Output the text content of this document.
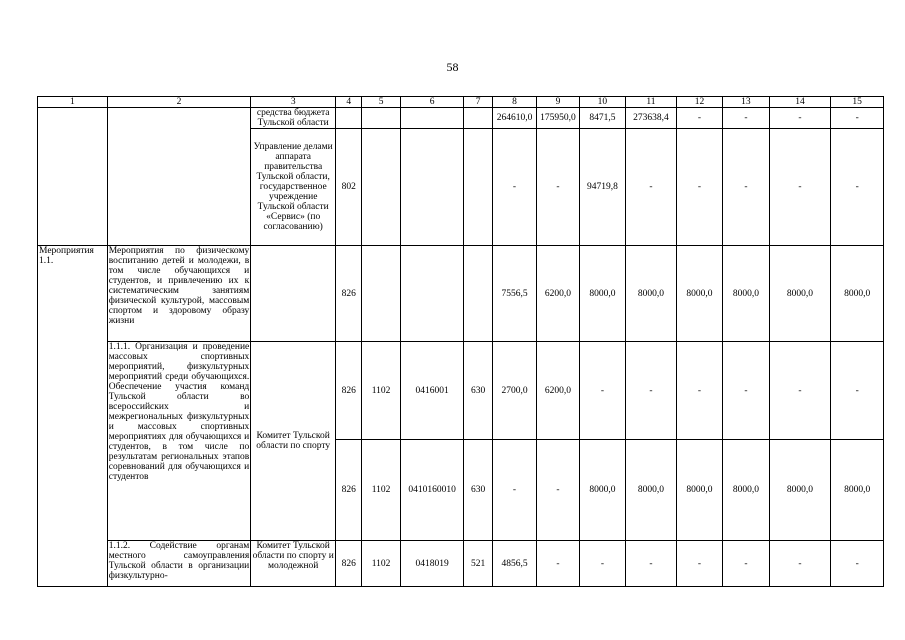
58
1	2	3	4	5	6	7	8	9	10	11	12	13	14	15
		средства бюджета Тульской области					264610,0	175950,0	8471,5	273638,4	-	-	-	-
		Управление делами аппарата правительства Тульской области, государственное учреждение Тульской области «Сервис» (по согласованию)	802				-	-	94719,8	-	-	-	-	-
Мероприятия 1.1.	Мероприятия по физическому воспитанию детей и молодежи, в том числе обучающихся и студентов, и привлечению их к систематическим занятиям физической культурой, массовым спортом и здоровому образу жизни		826				7556,5	6200,0	8000,0	8000,0	8000,0	8000,0	8000,0	8000,0
	1.1.1. Организация и проведение массовых спортивных мероприятий, физкультурных мероприятий среди обучающихся. Обеспечение участия команд Тульской области во всероссийских и межрегиональных физкультурных и массовых спортивных мероприятиях для обучающихся и студентов, в том числе по результатам региональных этапов соревнований для обучающихся и студентов	Комитет Тульской области по спорту	826	1102	0416001	630	2700,0	6200,0	-	-	-	-	-	-
			826	1102	0410160010	630	-	-	8000,0	8000,0	8000,0	8000,0	8000,0	8000,0
	1.1.2. Содействие органам местного самоуправления Тульской области в организации физкультурно-	Комитет Тульской области по спорту и молодежной	826	1102	0418019	521	4856,5	-	-	-	-	-	-	-
